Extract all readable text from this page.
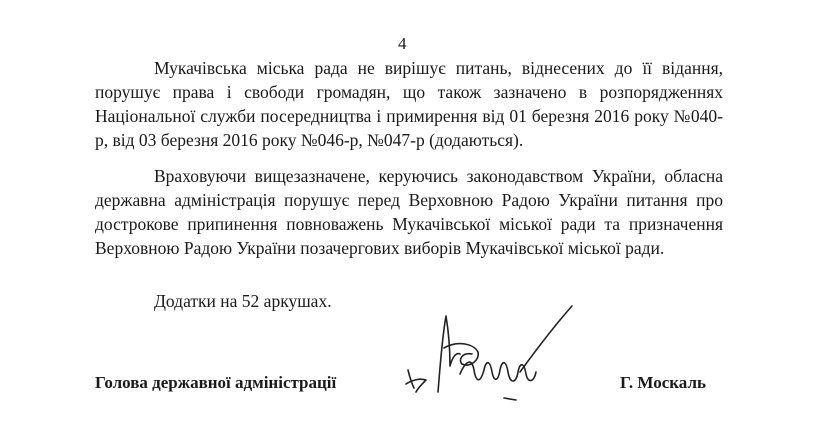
4

Мукачівська міська рада не вирішує питань, віднесених до її відання, порушує права і свободи громадян, що також зазначено в розпорядженнях Національної служби посередництва і примирення від 01 березня 2016 року №040-р, від 03 березня 2016 року №046-р, №047-р (додаються).

Враховуючи вищезазначене, керуючись законодавством України, обласна державна адміністрація порушує перед Верховною Радою України питання про дострокове припинення повноважень Мукачівської міської ради та призначення Верховною Радою України позачергових виборів Мукачівської міської ради.

Додатки на 52 аркушах.
Голова державної адміністрації	Г. Москаль
